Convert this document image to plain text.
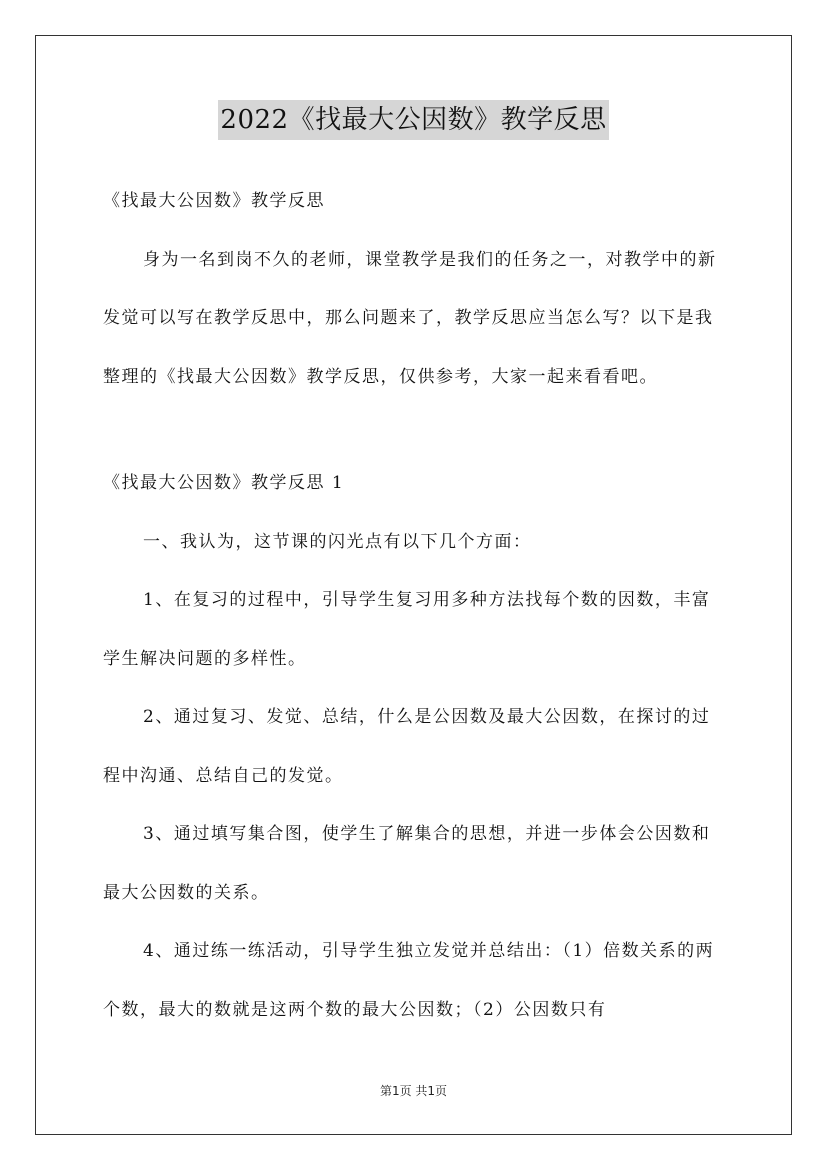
2022《找最大公因数》教学反思

《找最大公因数》教学反思

身为一名到岗不久的老师，课堂教学是我们的任务之一，对教学中的新发觉可以写在教学反思中，那么问题来了，教学反思应当怎么写？以下是我整理的《找最大公因数》教学反思，仅供参考，大家一起来看看吧。

《找最大公因数》教学反思 1

一、我认为，这节课的闪光点有以下几个方面：

1、在复习的过程中，引导学生复习用多种方法找每个数的因数，丰富学生解决问题的多样性。

2、通过复习、发觉、总结，什么是公因数及最大公因数，在探讨的过程中沟通、总结自己的发觉。

3、通过填写集合图，使学生了解集合的思想，并进一步体会公因数和最大公因数的关系。

4、通过练一练活动，引导学生独立发觉并总结出：（1）倍数关系的两个数，最大的数就是这两个数的最大公因数；（2）公因数只有

第1页 共1页
